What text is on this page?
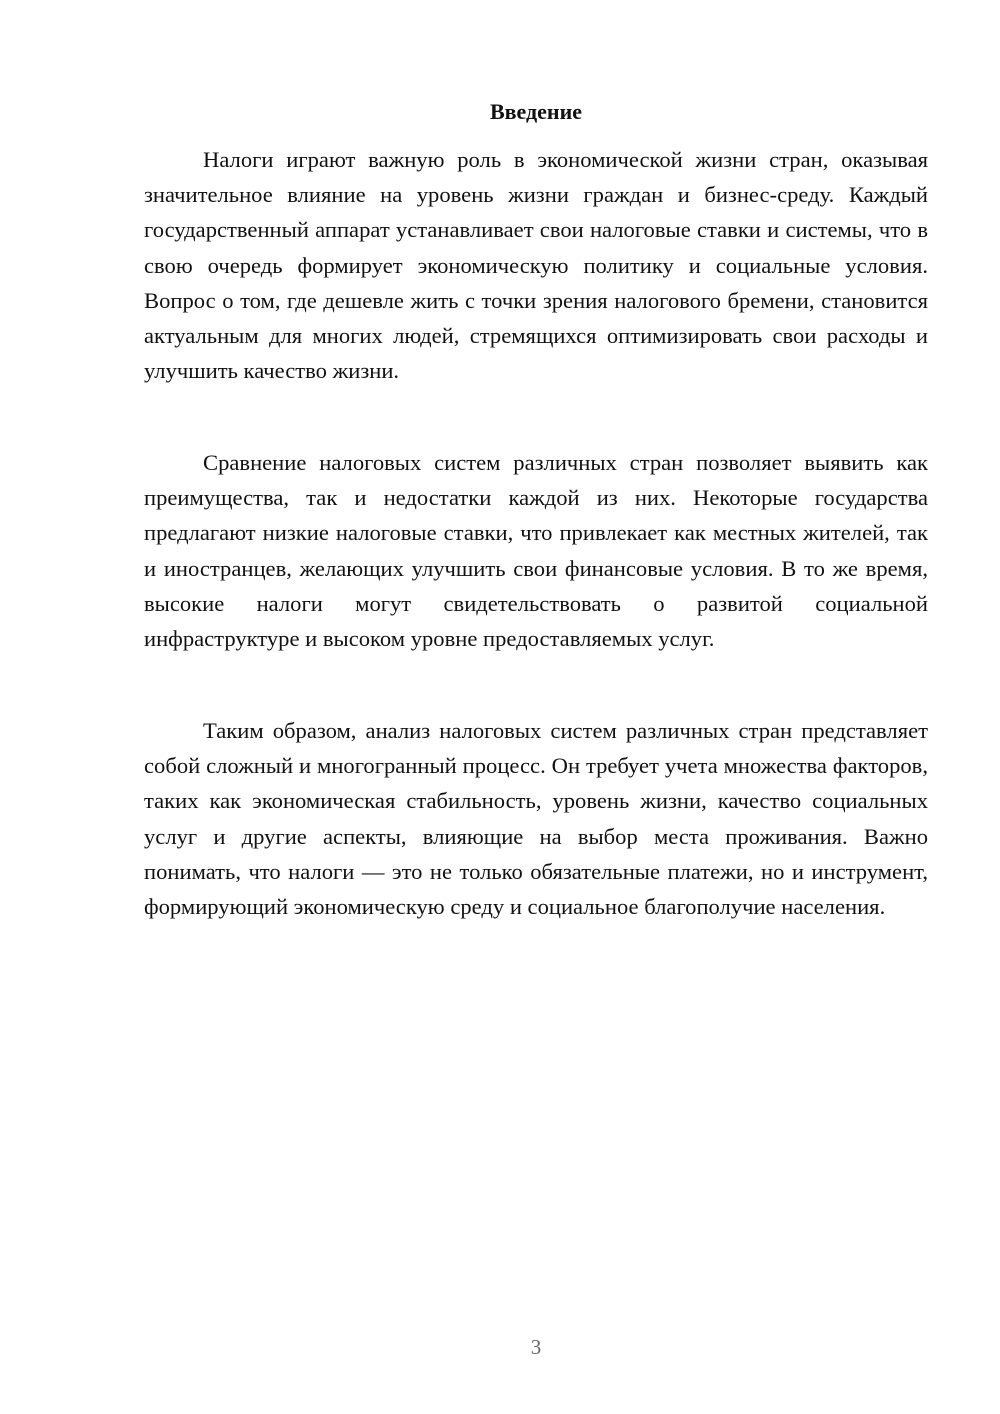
Введение

Налоги играют важную роль в экономической жизни стран, оказывая значительное влияние на уровень жизни граждан и бизнес-среду. Каждый государственный аппарат устанавливает свои налоговые ставки и системы, что в свою очередь формирует экономическую политику и социальные условия. Вопрос о том, где дешевле жить с точки зрения налогового бремени, становится актуальным для многих людей, стремящихся оптимизировать свои расходы и улучшить качество жизни.

Сравнение налоговых систем различных стран позволяет выявить как преимущества, так и недостатки каждой из них. Некоторые государства предлагают низкие налоговые ставки, что привлекает как местных жителей, так и иностранцев, желающих улучшить свои финансовые условия. В то же время, высокие налоги могут свидетельствовать о развитой социальной инфраструктуре и высоком уровне предоставляемых услуг.

Таким образом, анализ налоговых систем различных стран представляет собой сложный и многогранный процесс. Он требует учета множества факторов, таких как экономическая стабильность, уровень жизни, качество социальных услуг и другие аспекты, влияющие на выбор места проживания. Важно понимать, что налоги — это не только обязательные платежи, но и инструмент, формирующий экономическую среду и социальное благополучие населения.

3
